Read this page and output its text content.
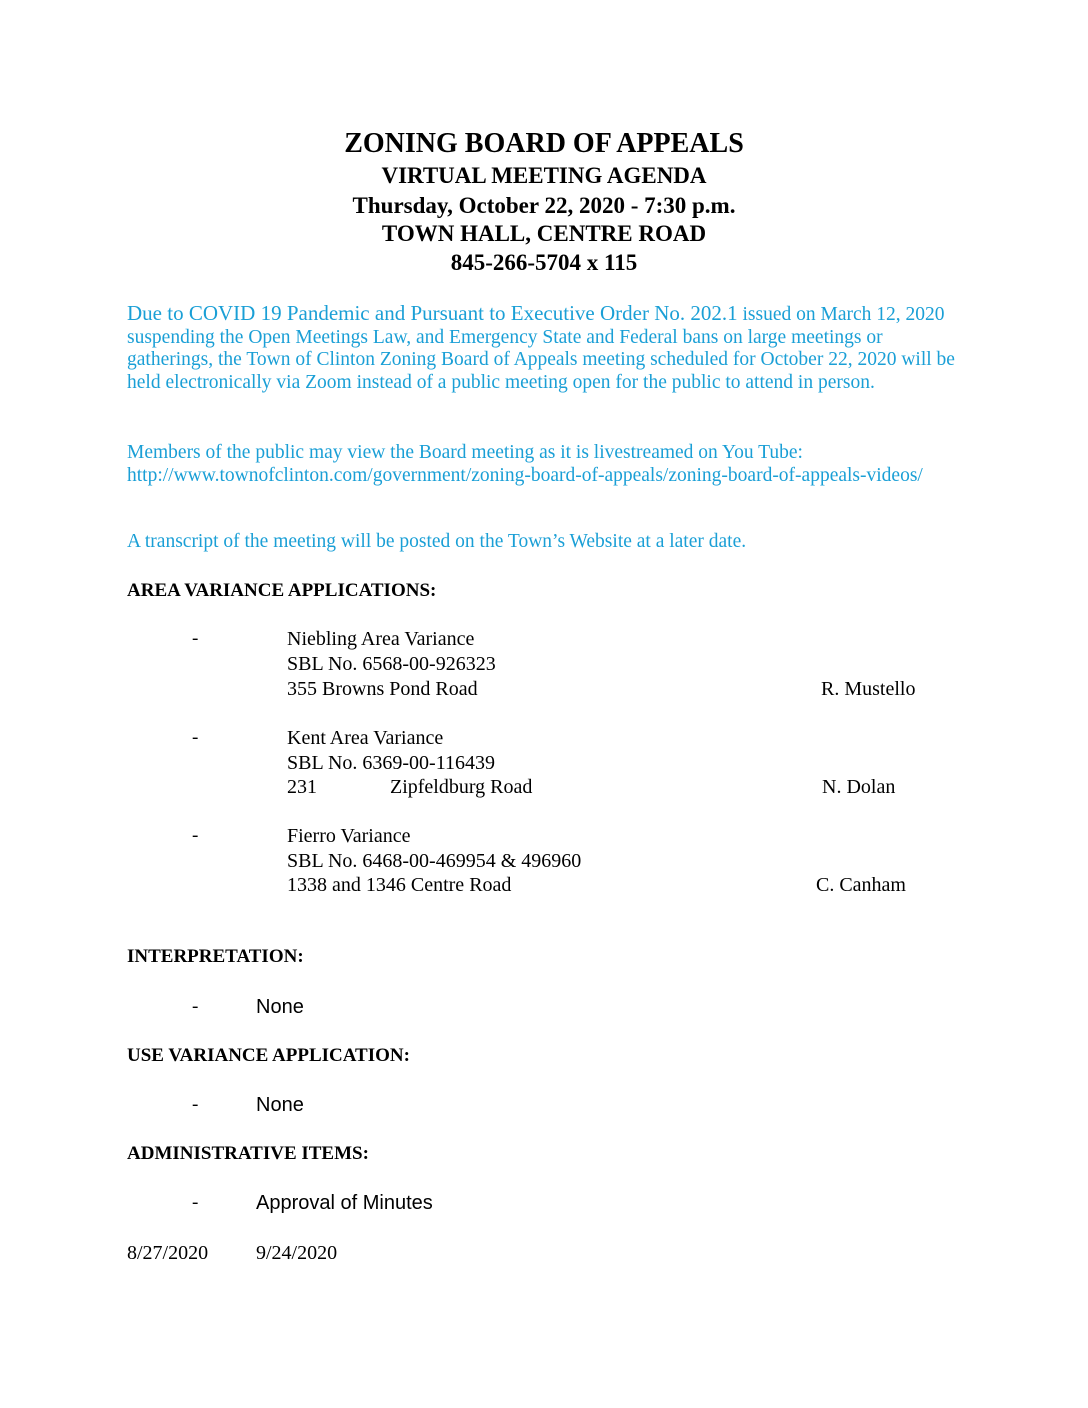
ZONING BOARD OF APPEALS
VIRTUAL MEETING AGENDA
Thursday, October 22, 2020 - 7:30 p.m.
TOWN HALL, CENTRE ROAD
845-266-5704 x 115
Due to COVID 19 Pandemic and Pursuant to Executive Order No. 202.1 issued on March 12, 2020 suspending the Open Meetings Law, and Emergency State and Federal bans on large meetings or gatherings, the Town of Clinton Zoning Board of Appeals meeting scheduled for October 22, 2020 will be held electronically via Zoom instead of a public meeting open for the public to attend in person.
Members of the public may view the Board meeting as it is livestreamed on You Tube:
http://www.townofclinton.com/government/zoning-board-of-appeals/zoning-board-of-appeals-videos/
A transcript of the meeting will be posted on the Town’s Website at a later date.
AREA VARIANCE APPLICATIONS:
-	Niebling Area Variance
SBL No. 6568-00-926323
355 Browns Pond Road	R. Mustello
-	Kent Area Variance
SBL No. 6369-00-116439
231	Zipfeldburg Road	N. Dolan
-	Fierro Variance
SBL No. 6468-00-469954 & 496960
1338 and 1346 Centre Road	C. Canham
INTERPRETATION:
-	None
USE VARIANCE APPLICATION:
-	None
ADMINISTRATIVE ITEMS:
-	Approval of Minutes
8/27/2020 9/24/2020
